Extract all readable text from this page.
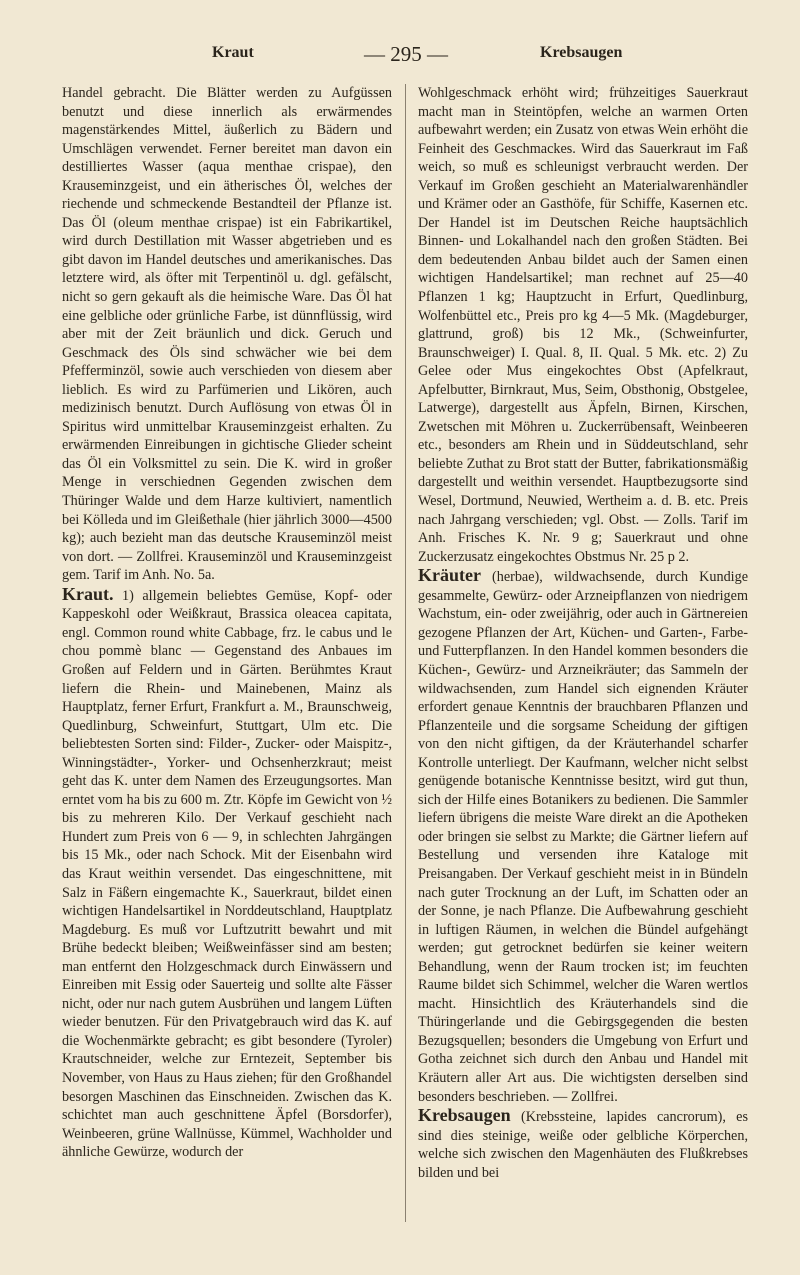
Kraut	— 295 —	Krebsaugen

Handel gebracht. Die Blätter werden zu Aufgüssen benutzt und diese innerlich als erwärmendes magenstärkendes Mittel, äußerlich zu Bädern und Umschlägen verwendet. Ferner bereitet man davon ein destilliertes Wasser (aqua menthae crispae), den Krauseminzgeist, und ein ätherisches Öl, welches der riechende und schmeckende Bestandteil der Pflanze ist. Das Öl (oleum menthae crispae) ist ein Fabrikartikel, wird durch Destillation mit Wasser abgetrieben und es gibt davon im Handel deutsches und amerikanisches. Das letztere wird, als öfter mit Terpentinöl u. dgl. gefälscht, nicht so gern gekauft als die heimische Ware. Das Öl hat eine gelbliche oder grünliche Farbe, ist dünnflüssig, wird aber mit der Zeit bräunlich und dick. Geruch und Geschmack des Öls sind schwächer wie bei dem Pfefferminzöl, sowie auch verschieden von diesem aber lieblich. Es wird zu Parfümerien und Likören, auch medizinisch benutzt. Durch Auflösung von etwas Öl in Spiritus wird unmittelbar Krauseminzgeist erhalten. Zu erwärmenden Einreibungen in gichtische Glieder scheint das Öl ein Volksmittel zu sein. Die K. wird in großer Menge in verschiednen Gegenden zwischen dem Thüringer Walde und dem Harze kultiviert, namentlich bei Kölleda und im Gleißethale (hier jährlich 3000—4500 kg); auch bezieht man das deutsche Krauseminzöl meist von dort. — Zollfrei. Krauseminzöl und Krauseminzgeist gem. Tarif im Anh. No. 5a.

Kraut. 1) allgemein beliebtes Gemüse, Kopf- oder Kappeskohl oder Weißkraut, Brassica oleacea capitata, engl. Common round white Cabbage, frz. le cabus und le chou pommè blanc — Gegenstand des Anbaues im Großen auf Feldern und in Gärten. Berühmtes Kraut liefern die Rhein- und Mainebenen, Mainz als Hauptplatz, ferner Erfurt, Frankfurt a. M., Braunschweig, Quedlinburg, Schweinfurt, Stuttgart, Ulm etc. Die beliebtesten Sorten sind: Filder-, Zucker- oder Maispitz-, Winningstädter-, Yorker- und Ochsenherzkraut; meist geht das K. unter dem Namen des Erzeugungsortes. Man erntet vom ha bis zu 600 m. Ztr. Köpfe im Gewicht von ½ bis zu mehreren Kilo. Der Verkauf geschieht nach Hundert zum Preis von 6 — 9, in schlechten Jahrgängen bis 15 Mk., oder nach Schock. Mit der Eisenbahn wird das Kraut weithin versendet. Das eingeschnittene, mit Salz in Fäßern eingemachte K., Sauerkraut, bildet einen wichtigen Handelsartikel in Norddeutschland, Hauptplatz Magdeburg. Es muß vor Luftzutritt bewahrt und mit Brühe bedeckt bleiben; Weißweinfässer sind am besten; man entfernt den Holzgeschmack durch Einwässern und Einreiben mit Essig oder Sauerteig und sollte alte Fässer nicht, oder nur nach gutem Ausbrühen und langem Lüften wieder benutzen. Für den Privatgebrauch wird das K. auf die Wochenmärkte gebracht; es gibt besondere (Tyroler) Krautschneider, welche zur Erntezeit, September bis November, von Haus zu Haus ziehen; für den Großhandel besorgen Maschinen das Einschneiden. Zwischen das K. schichtet man auch geschnittene Äpfel (Borsdorfer), Weinbeeren, grüne Wallnüsse, Kümmel, Wachholder und ähnliche Gewürze, wodurch der

Wohlgeschmack erhöht wird; frühzeitiges Sauerkraut macht man in Steintöpfen, welche an warmen Orten aufbewahrt werden; ein Zusatz von etwas Wein erhöht die Feinheit des Geschmackes. Wird das Sauerkraut im Faß weich, so muß es schleunigst verbraucht werden. Der Verkauf im Großen geschieht an Materialwarenhändler und Krämer oder an Gasthöfe, für Schiffe, Kasernen etc. Der Handel ist im Deutschen Reiche hauptsächlich Binnen- und Lokalhandel nach den großen Städten. Bei dem bedeutenden Anbau bildet auch der Samen einen wichtigen Handelsartikel; man rechnet auf 25—40 Pflanzen 1 kg; Hauptzucht in Erfurt, Quedlinburg, Wolfenbüttel etc., Preis pro kg 4—5 Mk. (Magdeburger, glattrund, groß) bis 12 Mk., (Schweinfurter, Braunschweiger) I. Qual. 8, II. Qual. 5 Mk. etc. 2) Zu Gelee oder Mus eingekochtes Obst (Apfelkraut, Apfelbutter, Birnkraut, Mus, Seim, Obsthonig, Obstgelee, Latwerge), dargestellt aus Äpfeln, Birnen, Kirschen, Zwetschen mit Möhren u. Zuckerrübensaft, Weinbeeren etc., besonders am Rhein und in Süddeutschland, sehr beliebte Zuthat zu Brot statt der Butter, fabrikationsmäßig dargestellt und weithin versendet. Hauptbezugsorte sind Wesel, Dortmund, Neuwied, Wertheim a. d. B. etc. Preis nach Jahrgang verschieden; vgl. Obst. — Zolls. Tarif im Anh. Frisches K. Nr. 9 g; Sauerkraut und ohne Zuckerzusatz eingekochtes Obstmus Nr. 25 p 2.

Kräuter (herbae), wildwachsende, durch Kundige gesammelte, Gewürz- oder Arzneipflanzen von niedrigem Wachstum, ein- oder zweijährig, oder auch in Gärtnereien gezogene Pflanzen der Art, Küchen- und Garten-, Farbe- und Futterpflanzen. In den Handel kommen besonders die Küchen-, Gewürz- und Arzneikräuter; das Sammeln der wildwachsenden, zum Handel sich eignenden Kräuter erfordert genaue Kenntnis der brauchbaren Pflanzen und Pflanzenteile und die sorgsame Scheidung der giftigen von den nicht giftigen, da der Kräuterhandel scharfer Kontrolle unterliegt. Der Kaufmann, welcher nicht selbst genügende botanische Kenntnisse besitzt, wird gut thun, sich der Hilfe eines Botanikers zu bedienen. Die Sammler liefern übrigens die meiste Ware direkt an die Apotheken oder bringen sie selbst zu Markte; die Gärtner liefern auf Bestellung und versenden ihre Kataloge mit Preisangaben. Der Verkauf geschieht meist in in Bündeln nach guter Trocknung an der Luft, im Schatten oder an der Sonne, je nach Pflanze. Die Aufbewahrung geschieht in luftigen Räumen, in welchen die Bündel aufgehängt werden; gut getrocknet bedürfen sie keiner weitern Behandlung, wenn der Raum trocken ist; im feuchten Raume bildet sich Schimmel, welcher die Waren wertlos macht. Hinsichtlich des Kräuterhandels sind die Thüringerlande und die Gebirgsgegenden die besten Bezugsquellen; besonders die Umgebung von Erfurt und Gotha zeichnet sich durch den Anbau und Handel mit Kräutern aller Art aus. Die wichtigsten derselben sind besonders beschrieben. — Zollfrei.

Krebsaugen (Krebssteine, lapides cancrorum), es sind dies steinige, weiße oder gelbliche Körperchen, welche sich zwischen den Magenhäuten des Flußkrebses bilden und bei
